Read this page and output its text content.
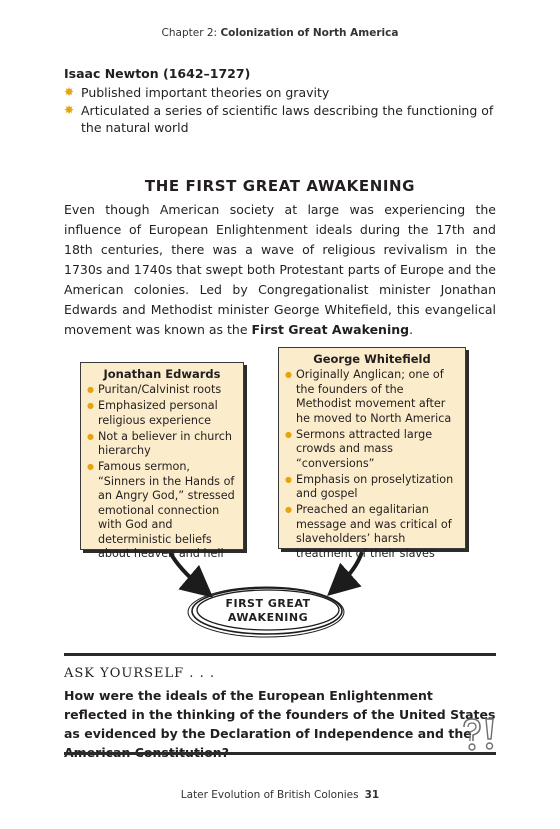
Chapter 2: Colonization of North America
Isaac Newton (1642–1727)
✸ Published important theories on gravity
✸ Articulated a series of scientific laws describing the functioning of the natural world
THE FIRST GREAT AWAKENING
Even though American society at large was experiencing the influence of European Enlightenment ideals during the 17th and 18th centuries, there was a wave of religious revivalism in the 1730s and 1740s that swept both Protestant parts of Europe and the American colonies. Led by Congregationalist minister Jonathan Edwards and Methodist minister George Whitefield, this evangelical movement was known as the First Great Awakening.
Jonathan Edwards
● Puritan/Calvinist roots
● Emphasized personal religious experience
● Not a believer in church hierarchy
● Famous sermon, “Sinners in the Hands of an Angry God,” stressed emotional connection with God and deterministic beliefs about heaven and hell
George Whitefield
● Originally Anglican; one of the founders of the Methodist movement after he moved to North America
● Sermons attracted large crowds and mass “conversions”
● Emphasis on proselytization and gospel
● Preached an egalitarian message and was critical of slaveholders’ harsh treatment of their slaves
FIRST GREAT
AWAKENING
ASK YOURSELF . . .
How were the ideals of the European Enlightenment reflected in the thinking of the founders of the United States as evidenced by the Declaration of Independence and the
Later Evolution of British Colonies 31
